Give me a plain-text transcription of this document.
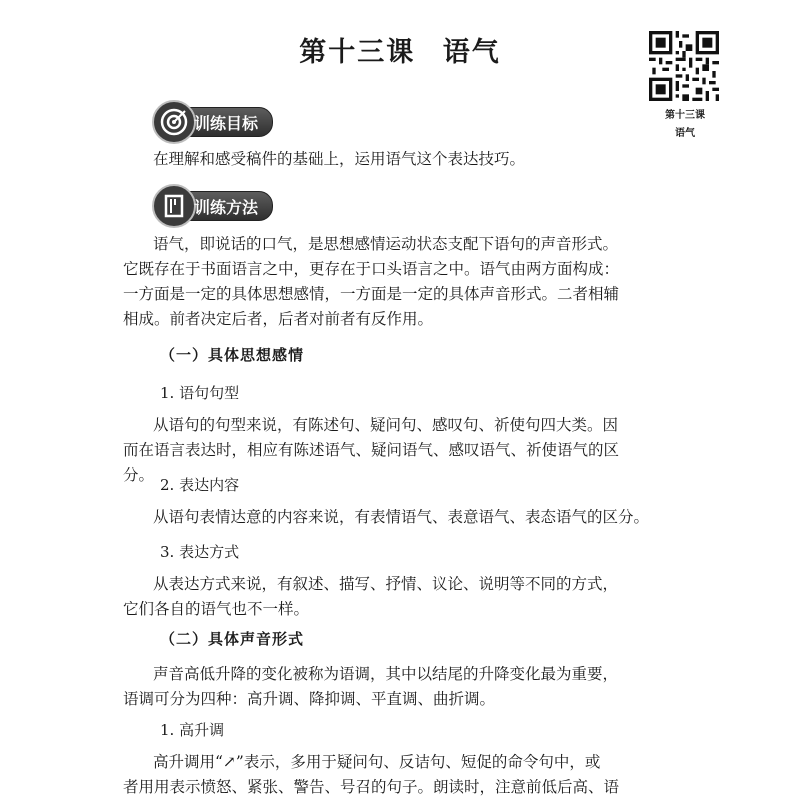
第十三课 语气
第十三课
语气
训练目标
在理解和感受稿件的基础上，运用语气这个表达技巧。
训练方法
语气，即说话的口气，是思想感情运动状态支配下语句的声音形式。
它既存在于书面语言之中，更存在于口头语言之中。语气由两方面构成：
一方面是一定的具体思想感情，一方面是一定的具体声音形式。二者相辅
相成。前者决定后者，后者对前者有反作用。
（一）具体思想感情
1. 语句句型
从语句的句型来说，有陈述句、疑问句、感叹句、祈使句四大类。因
而在语言表达时，相应有陈述语气、疑问语气、感叹语气、祈使语气的区分。
2. 表达内容
从语句表情达意的内容来说，有表情语气、表意语气、表态语气的区分。
3. 表达方式
从表达方式来说，有叙述、描写、抒情、议论、说明等不同的方式，
它们各自的语气也不一样。
（二）具体声音形式
声音高低升降的变化被称为语调，其中以结尾的升降变化最为重要，
语调可分为四种：高升调、降抑调、平直调、曲折调。
1. 高升调
高升调用“↗”表示，多用于疑问句、反诘句、短促的命令句中，或
者用用表示愤怒、紧张、警告、号召的句子。朗读时，注意前低后高、语
